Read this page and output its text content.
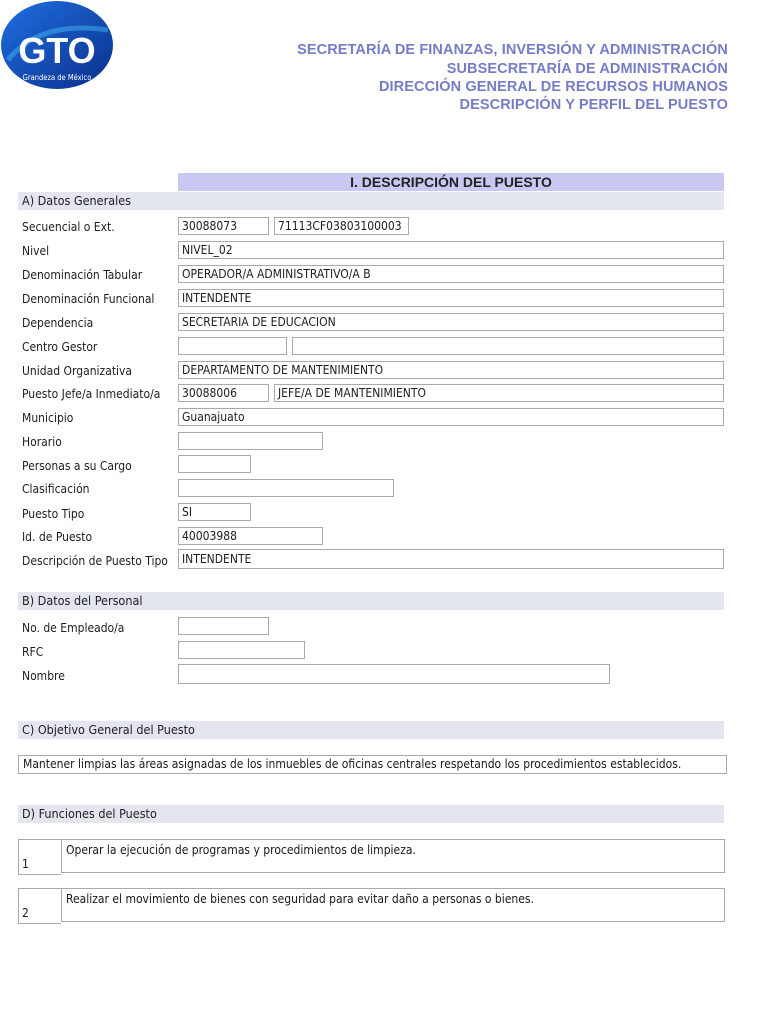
GTO
Grandeza de México
SECRETARÍA DE FINANZAS, INVERSIÓN Y ADMINISTRACIÓN
SUBSECRETARÍA DE ADMINISTRACIÓN
DIRECCIÓN GENERAL DE RECURSOS HUMANOS
DESCRIPCIÓN Y PERFIL DEL PUESTO
I. DESCRIPCIÓN DEL PUESTO
A) Datos Generales
Secuencial o Ext.	30088073	71113CF03803100003
Nivel	NIVEL_02
Denominación Tabular	OPERADOR/A ADMINISTRATIVO/A B
Denominación Funcional	INTENDENTE
Dependencia	SECRETARIA DE EDUCACION
Centro Gestor
Unidad Organizativa	DEPARTAMENTO DE MANTENIMIENTO
Puesto Jefe/a Inmediato/a	30088006	JEFE/A DE MANTENIMIENTO
Municipio	Guanajuato
Horario
Personas a su Cargo
Clasificación
Puesto Tipo	SI
Id. de Puesto	40003988
Descripción de Puesto Tipo	INTENDENTE
B) Datos del Personal
No. de Empleado/a
RFC
Nombre
C) Objetivo General del Puesto
Mantener limpias las áreas asignadas de los inmuebles de oficinas centrales respetando los procedimientos establecidos.
D) Funciones del Puesto
1
Operar la ejecución de programas y procedimientos de limpieza.
2
Realizar el movimiento de bienes con seguridad para evitar daño a personas o bienes.
